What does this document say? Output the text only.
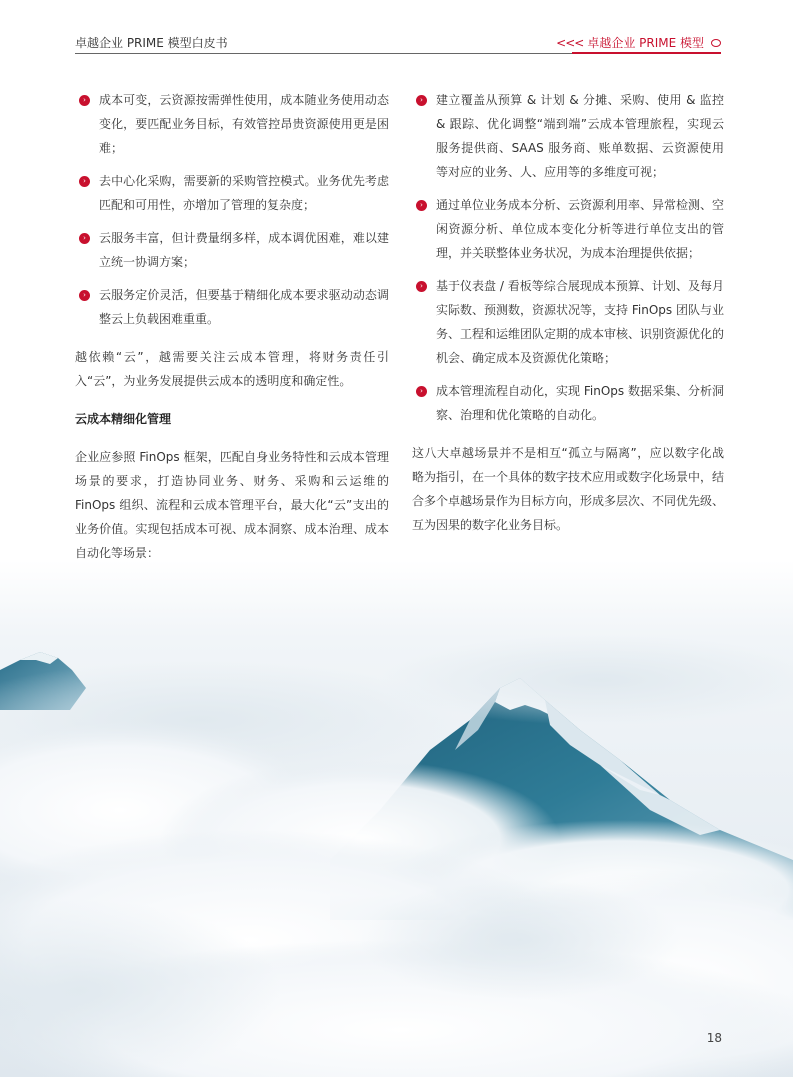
卓越企业 PRIME 模型白皮书	<<< 卓越企业 PRIME 模型
›	成本可变，云资源按需弹性使用，成本随业务使用动态变化，要匹配业务目标，有效管控昂贵资源使用更是困难；
›	去中心化采购，需要新的采购管控模式。业务优先考虑匹配和可用性，亦增加了管理的复杂度；
›	云服务丰富，但计费量纲多样，成本调优困难，难以建立统一协调方案；
›	云服务定价灵活，但要基于精细化成本要求驱动动态调整云上负载困难重重。

越依赖“云”，越需要关注云成本管理，将财务责任引入“云”，为业务发展提供云成本的透明度和确定性。

云成本精细化管理

企业应参照 FinOps 框架，匹配自身业务特性和云成本管理场景的要求，打造协同业务、财务、采购和云运维的 FinOps 组织、流程和云成本管理平台，最大化“云”支出的业务价值。实现包括成本可视、成本洞察、成本治理、成本自动化等场景：

›	建立覆盖从预算 & 计划 & 分摊、采购、使用 & 监控 & 跟踪、优化调整“端到端”云成本管理旅程，实现云服务提供商、SAAS 服务商、账单数据、云资源使用等对应的业务、人、应用等的多维度可视；
›	通过单位业务成本分析、云资源利用率、异常检测、空闲资源分析、单位成本变化分析等进行单位支出的管理，并关联整体业务状况，为成本治理提供依据；
›	基于仪表盘 / 看板等综合展现成本预算、计划、及每月实际数、预测数，资源状况等，支持 FinOps 团队与业务、工程和运维团队定期的成本审核、识别资源优化的机会、确定成本及资源优化策略；
›	成本管理流程自动化，实现 FinOps 数据采集、分析洞察、治理和优化策略的自动化。

这八大卓越场景并不是相互“孤立与隔离”，应以数字化战略为指引，在一个具体的数字技术应用或数字化场景中，结合多个卓越场景作为目标方向，形成多层次、不同优先级、互为因果的数字化业务目标。

18
